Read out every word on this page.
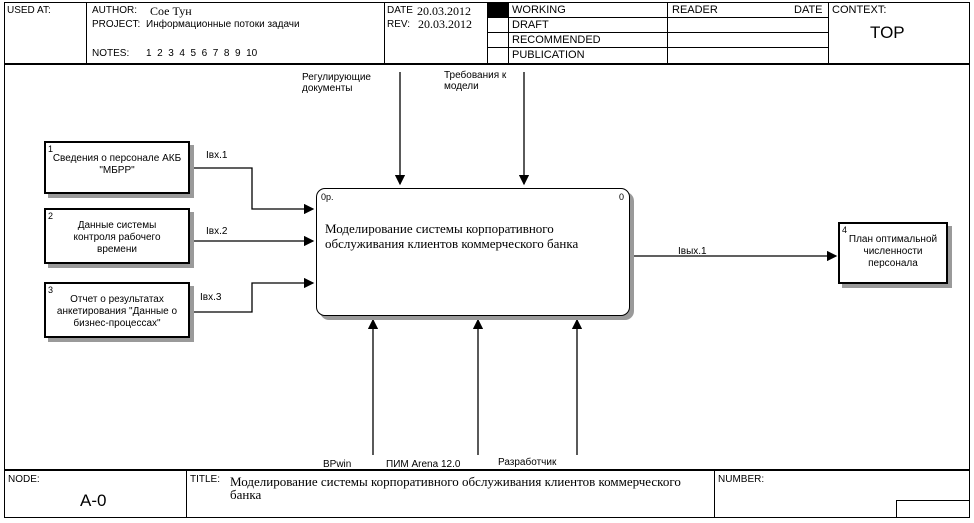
USED AT:	AUTHOR: Сое Тун
PROJECT: Информационные потоки задачи
NOTES: 1  2  3  4  5  6  7  8  9  10
DATE 20.03.2012
REV: 20.03.2012
WORKING
DRAFT
RECOMMENDED
PUBLICATION
READER	DATE CONTEXT:
TOP
Регулирующие документы
Требования к модели
1
Сведения о персонале АКБ "МБРР"
2
Данные системы контроля рабочего времени
3
Отчет о результатах анкетирования "Данные о бизнес-процессах"
Iвх.1
Iвх.2
Iвх.3
0р.	0
Моделирование системы корпоративного обслуживания клиентов коммерческого банка
Iвых.1
4
План оптимальной численности персонала
BPwin	ПИМ Arena 12.0	Разработчик
NODE:
A-0
TITLE: Моделирование системы корпоративного обслуживания клиентов коммерческого банка
NUMBER:
